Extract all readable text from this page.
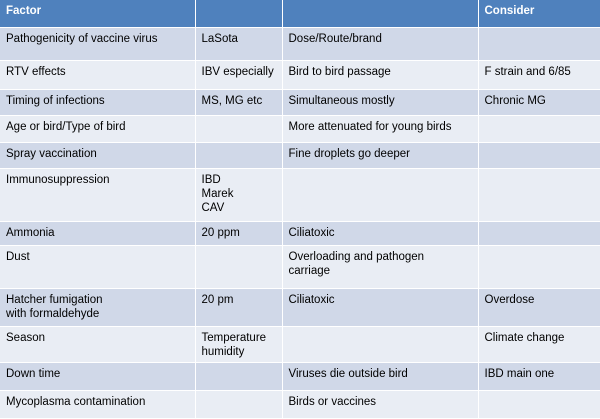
Factor			Consider

Pathogenicity of vaccine virus	LaSota	Dose/Route/brand	

RTV effects	IBV especially	Bird to bird passage	F strain and 6/85

Timing of infections	MS, MG etc	Simultaneous mostly	Chronic MG

Age or bird/Type of bird		More attenuated for young birds	

Spray vaccination		Fine droplets go deeper	

Immunosuppression	IBD
Marek
CAV		

Ammonia	20 ppm	Ciliatoxic	

Dust		Overloading and pathogen
carriage	

Hatcher fumigation
with formaldehyde	20 pm	Ciliatoxic	Overdose

Season	Temperature
humidity		Climate change

Down time		Viruses die outside bird	IBD main one

Mycoplasma contamination		Birds or vaccines	
